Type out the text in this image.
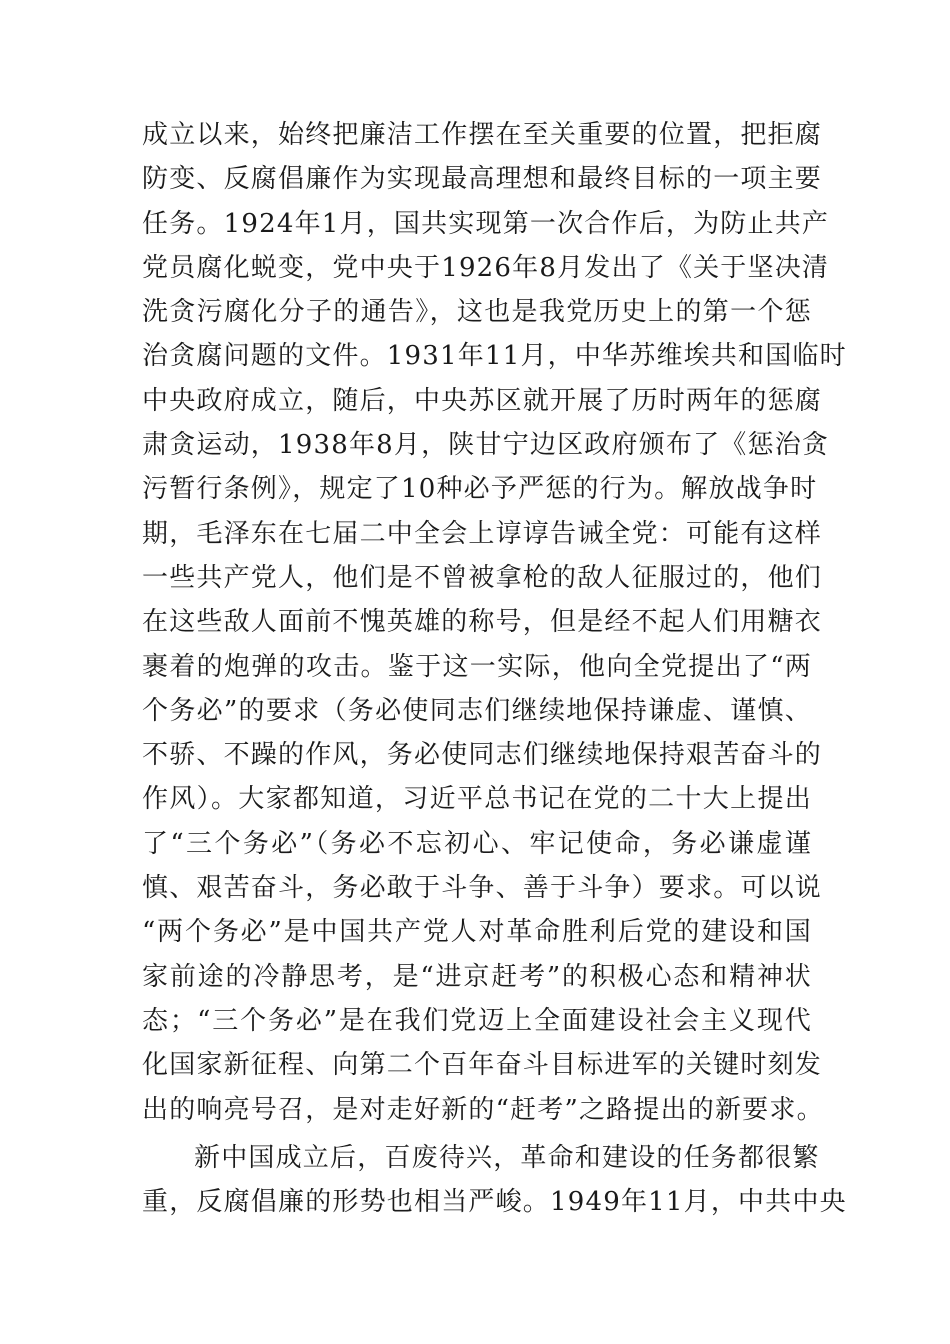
成立以来，始终把廉洁工作摆在至关重要的位置，把拒腐
防变、反腐倡廉作为实现最高理想和最终目标的一项主要
任务。1924年1月，国共实现第一次合作后，为防止共产
党员腐化蜕变，党中央于1926年8月发出了《关于坚决清
洗贪污腐化分子的通告》，这也是我党历史上的第一个惩
治贪腐问题的文件。1931年11月，中华苏维埃共和国临时
中央政府成立，随后，中央苏区就开展了历时两年的惩腐
肃贪运动，1938年8月，陕甘宁边区政府颁布了《惩治贪
污暂行条例》，规定了10种必予严惩的行为。解放战争时
期，毛泽东在七届二中全会上谆谆告诫全党：可能有这样
一些共产党人，他们是不曾被拿枪的敌人征服过的，他们
在这些敌人面前不愧英雄的称号，但是经不起人们用糖衣
裹着的炮弹的攻击。鉴于这一实际，他向全党提出了“两
个务必”的要求（务必使同志们继续地保持谦虚、谨慎、
不骄、不躁的作风，务必使同志们继续地保持艰苦奋斗的
作风）。大家都知道，习近平总书记在党的二十大上提出
了“三个务必”（务必不忘初心、牢记使命，务必谦虚谨
慎、艰苦奋斗，务必敢于斗争、善于斗争）要求。可以说
“两个务必”是中国共产党人对革命胜利后党的建设和国
家前途的冷静思考，是“进京赶考”的积极心态和精神状
态；“三个务必”是在我们党迈上全面建设社会主义现代
化国家新征程、向第二个百年奋斗目标进军的关键时刻发
出的响亮号召，是对走好新的“赶考”之路提出的新要求。
新中国成立后，百废待兴，革命和建设的任务都很繁
重，反腐倡廉的形势也相当严峻。1949年11月，中共中央
